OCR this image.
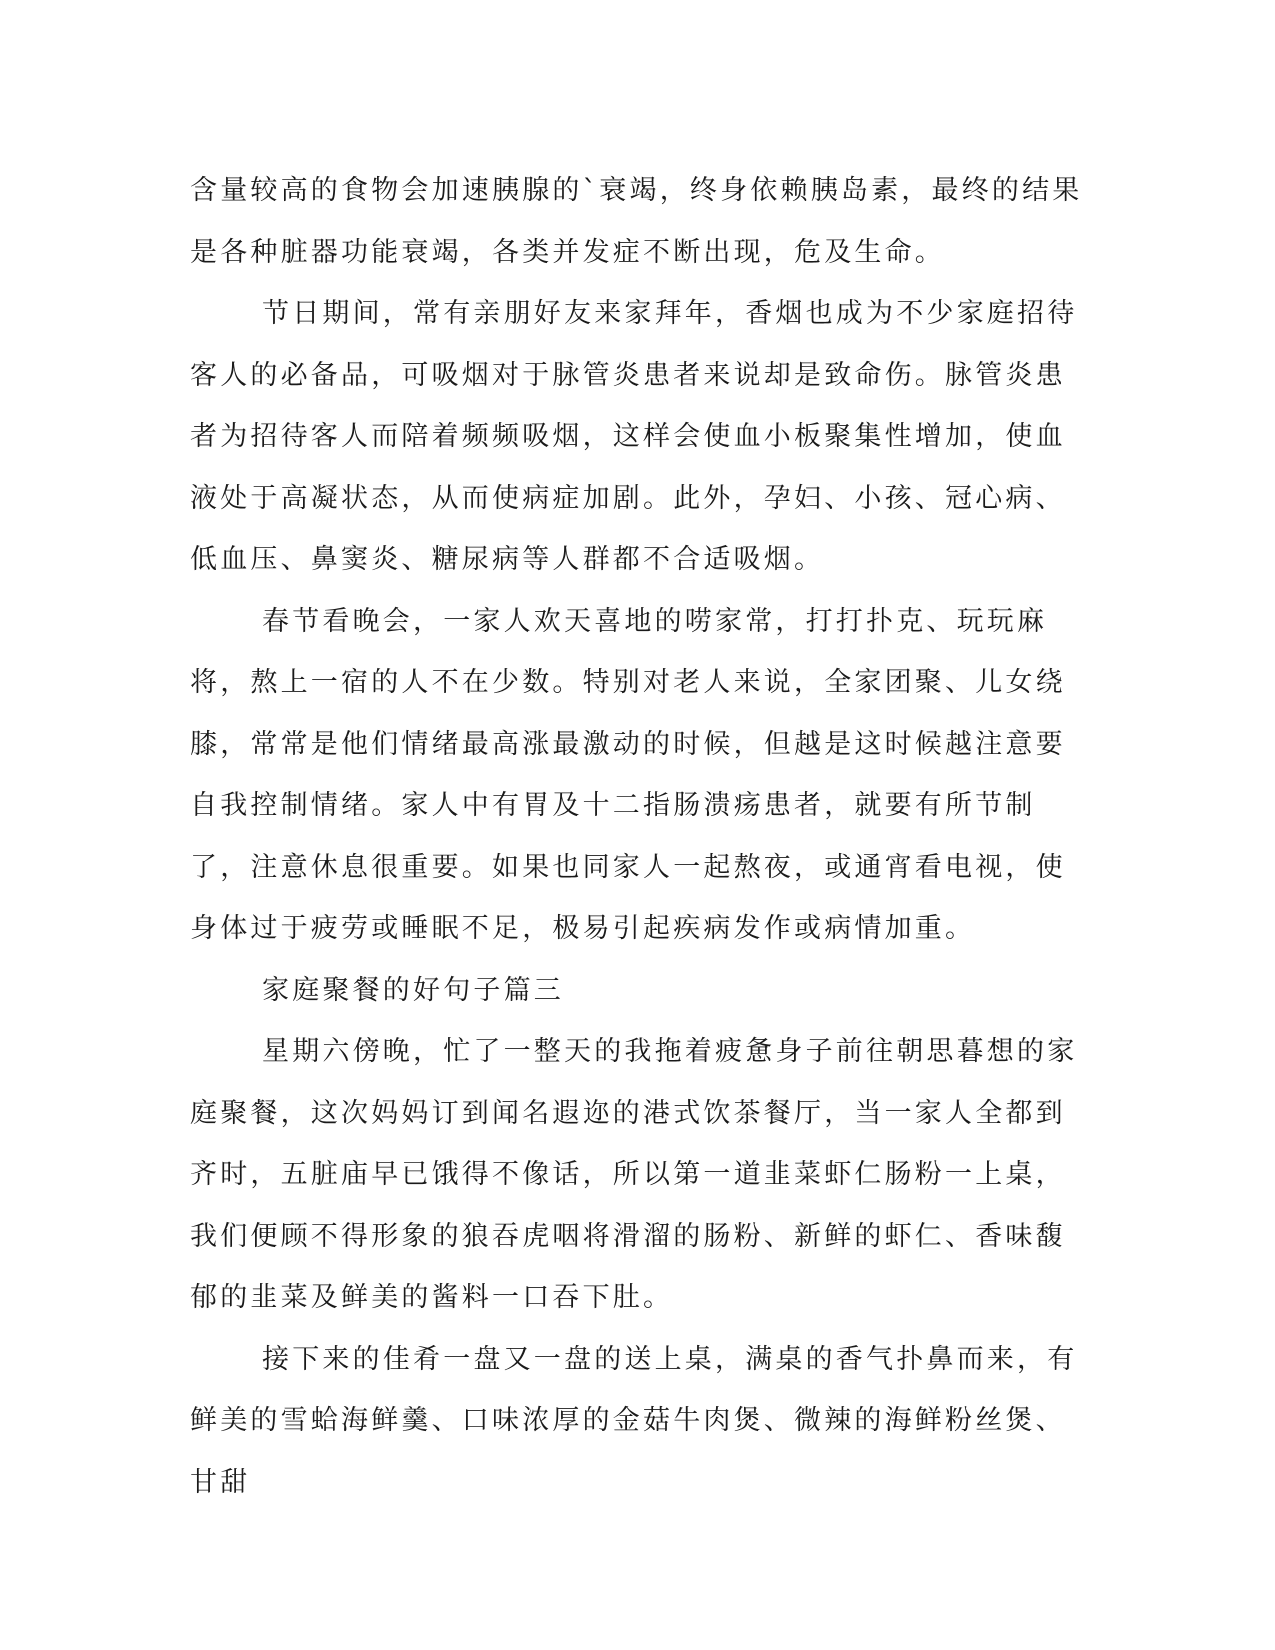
含量较高的食物会加速胰腺的`衰竭，终身依赖胰岛素，最终的结果是各种脏器功能衰竭，各类并发症不断出现，危及生命。

节日期间，常有亲朋好友来家拜年，香烟也成为不少家庭招待客人的必备品，可吸烟对于脉管炎患者来说却是致命伤。脉管炎患者为招待客人而陪着频频吸烟，这样会使血小板聚集性增加，使血液处于高凝状态，从而使病症加剧。此外，孕妇、小孩、冠心病、低血压、鼻窦炎、糖尿病等人群都不合适吸烟。

春节看晚会，一家人欢天喜地的唠家常，打打扑克、玩玩麻将，熬上一宿的人不在少数。特别对老人来说，全家团聚、儿女绕膝，常常是他们情绪最高涨最激动的时候，但越是这时候越注意要自我控制情绪。家人中有胃及十二指肠溃疡患者，就要有所节制了，注意休息很重要。如果也同家人一起熬夜，或通宵看电视，使身体过于疲劳或睡眠不足，极易引起疾病发作或病情加重。

家庭聚餐的好句子篇三

星期六傍晚，忙了一整天的我拖着疲惫身子前往朝思暮想的家庭聚餐，这次妈妈订到闻名遐迩的港式饮茶餐厅，当一家人全都到齐时，五脏庙早已饿得不像话，所以第一道韭菜虾仁肠粉一上桌，我们便顾不得形象的狼吞虎咽将滑溜的肠粉、新鲜的虾仁、香味馥郁的韭菜及鲜美的酱料一口吞下肚。

接下来的佳肴一盘又一盘的送上桌，满桌的香气扑鼻而来，有鲜美的雪蛤海鲜羹、口味浓厚的金菇牛肉煲、微辣的海鲜粉丝煲、甘甜
